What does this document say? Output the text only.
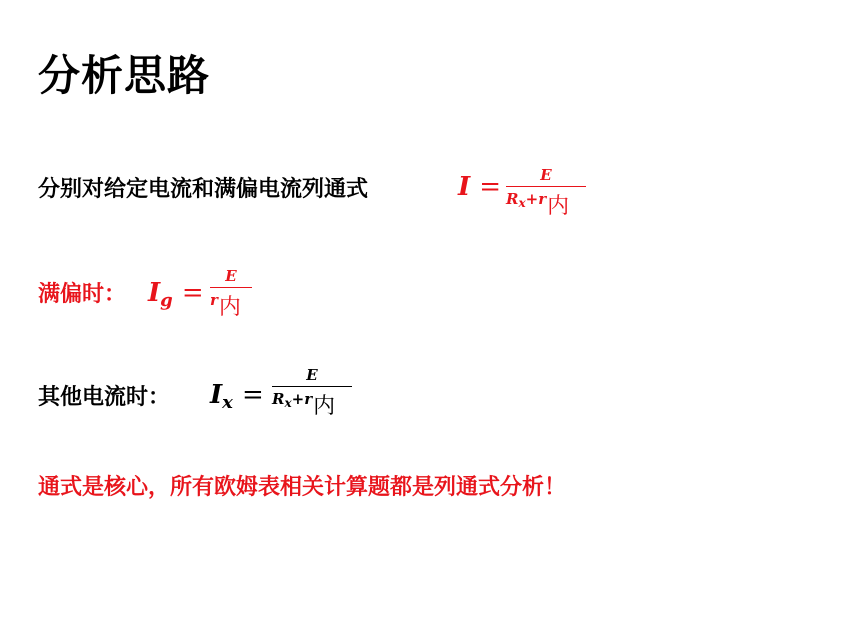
分析思路
分别对给定电流和满偏电流列通式	I =	E
$R_x+r$内
满偏时： Ig =
E
r内
其他电流时： Ix =
E
$R_x+r$内
通式是核心，所有欧姆表相关计算题都是列通式分析！
